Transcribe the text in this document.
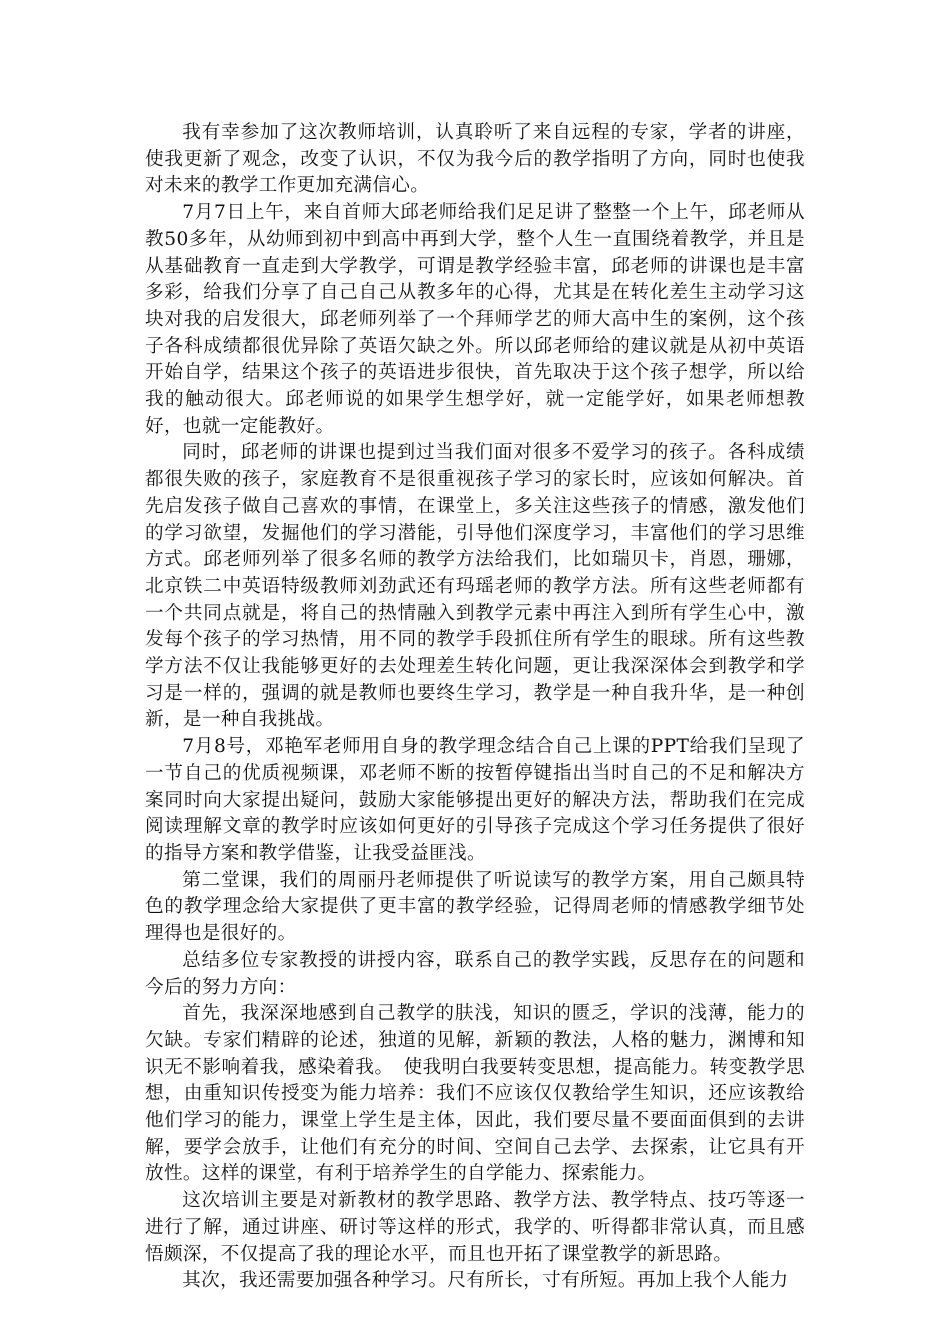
我有幸参加了这次教师培训，认真聆听了来自远程的专家，学者的讲座，使我更新了观念，改变了认识，不仅为我今后的教学指明了方向，同时也使我对未来的教学工作更加充满信心。

7月7日上午，来自首师大邱老师给我们足足讲了整整一个上午，邱老师从教50多年，从幼师到初中到高中再到大学，整个人生一直围绕着教学，并且是从基础教育一直走到大学教学，可谓是教学经验丰富，邱老师的讲课也是丰富多彩，给我们分享了自己自己从教多年的心得，尤其是在转化差生主动学习这块对我的启发很大，邱老师列举了一个拜师学艺的师大高中生的案例，这个孩子各科成绩都很优异除了英语欠缺之外。所以邱老师给的建议就是从初中英语开始自学，结果这个孩子的英语进步很快，首先取决于这个孩子想学，所以给我的触动很大。邱老师说的如果学生想学好，就一定能学好，如果老师想教好，也就一定能教好。

同时，邱老师的讲课也提到过当我们面对很多不爱学习的孩子。各科成绩都很失败的孩子，家庭教育不是很重视孩子学习的家长时，应该如何解决。首先启发孩子做自己喜欢的事情，在课堂上，多关注这些孩子的情感，激发他们的学习欲望，发掘他们的学习潜能，引导他们深度学习，丰富他们的学习思维方式。邱老师列举了很多名师的教学方法给我们，比如瑞贝卡，肖恩，珊娜，北京铁二中英语特级教师刘劲武还有玛瑶老师的教学方法。所有这些老师都有一个共同点就是，将自己的热情融入到教学元素中再注入到所有学生心中，激发每个孩子的学习热情，用不同的教学手段抓住所有学生的眼球。所有这些教学方法不仅让我能够更好的去处理差生转化问题，更让我深深体会到教学和学习是一样的，强调的就是教师也要终生学习，教学是一种自我升华，是一种创新，是一种自我挑战。

7月8号，邓艳军老师用自身的教学理念结合自己上课的PPT给我们呈现了一节自己的优质视频课，邓老师不断的按暂停键指出当时自己的不足和解决方案同时向大家提出疑问，鼓励大家能够提出更好的解决方法，帮助我们在完成阅读理解文章的教学时应该如何更好的引导孩子完成这个学习任务提供了很好的指导方案和教学借鉴，让我受益匪浅。

第二堂课，我们的周丽丹老师提供了听说读写的教学方案，用自己颇具特色的教学理念给大家提供了更丰富的教学经验，记得周老师的情感教学细节处理得也是很好的。

总结多位专家教授的讲授内容，联系自己的教学实践，反思存在的问题和今后的努力方向：

首先，我深深地感到自己教学的肤浅，知识的匮乏，学识的浅薄，能力的欠缺。专家们精辟的论述，独道的见解，新颖的教法，人格的魅力，渊博和知识无不影响着我，感染着我。　使我明白我要转变思想，提高能力。转变教学思想，由重知识传授变为能力培养：我们不应该仅仅教给学生知识，还应该教给他们学习的能力，课堂上学生是主体，因此，我们要尽量不要面面俱到的去讲解，要学会放手，让他们有充分的时间、空间自己去学、去探索，让它具有开放性。这样的课堂，有利于培养学生的自学能力、探索能力。

这次培训主要是对新教材的教学思路、教学方法、教学特点、技巧等逐一进行了解，通过讲座、研讨等这样的形式，我学的、听得都非常认真，而且感悟颇深，不仅提高了我的理论水平，而且也开拓了课堂教学的新思路。

其次，我还需要加强各种学习。尺有所长，寸有所短。再加上我个人能力
